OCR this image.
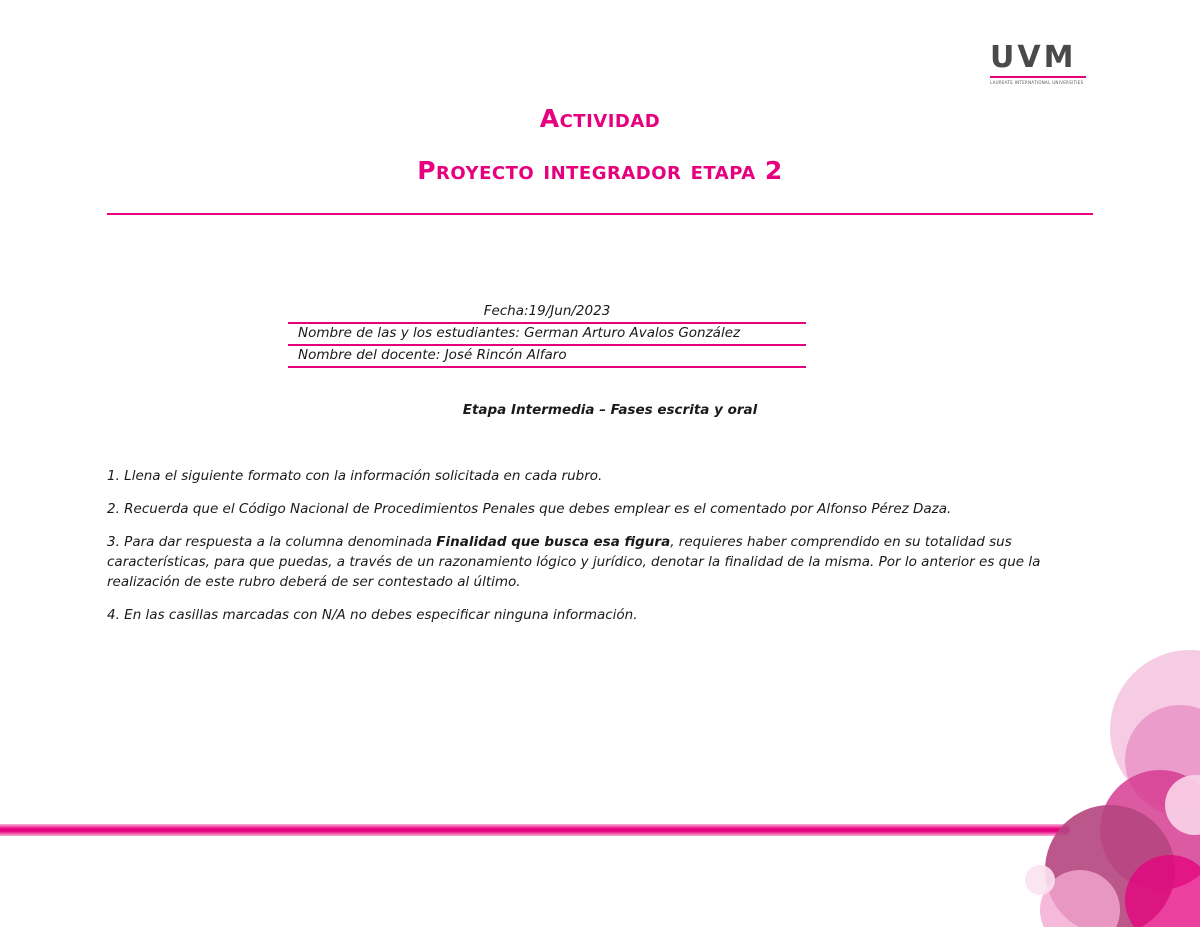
UVM
LAUREATE INTERNATIONAL UNIVERSITIES
Actividad
Proyecto integrador etapa 2
Fecha:19/Jun/2023
Nombre de las y los estudiantes: German Arturo Avalos González
Nombre del docente: José Rincón Alfaro
Etapa Intermedia – Fases escrita y oral

1. Llena el siguiente formato con la información solicitada en cada rubro.

2. Recuerda que el Código Nacional de Procedimientos Penales que debes emplear es el comentado por Alfonso Pérez Daza.

3. Para dar respuesta a la columna denominada Finalidad que busca esa figura, requieres haber comprendido en su totalidad sus características, para que puedas, a través de un razonamiento lógico y jurídico, denotar la finalidad de la misma. Por lo anterior es que la realización de este rubro deberá de ser contestado al último.

4. En las casillas marcadas con N/A no debes especificar ninguna información.
